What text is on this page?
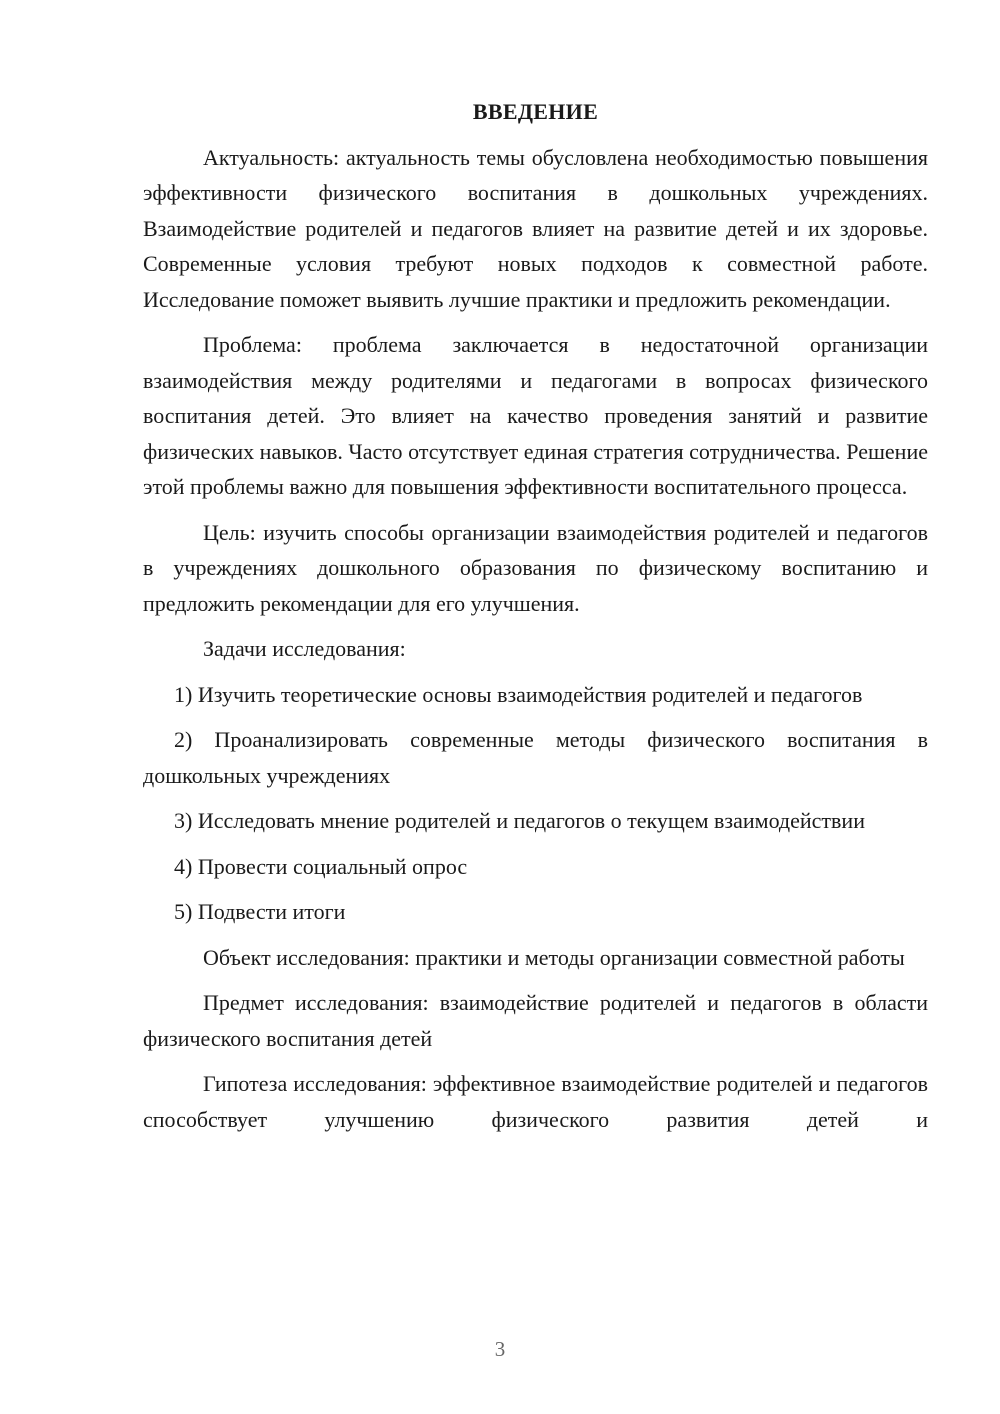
ВВЕДЕНИЕ

Актуальность: актуальность темы обусловлена необходимостью повышения эффективности физического воспитания в дошкольных учреждениях. Взаимодействие родителей и педагогов влияет на развитие детей и их здоровье. Современные условия требуют новых подходов к совместной работе. Исследование поможет выявить лучшие практики и предложить рекомендации.

Проблема: проблема заключается в недостаточной организации взаимодействия между родителями и педагогами в вопросах физического воспитания детей. Это влияет на качество проведения занятий и развитие физических навыков. Часто отсутствует единая стратегия сотрудничества. Решение этой проблемы важно для повышения эффективности воспитательного процесса.

Цель: изучить способы организации взаимодействия родителей и педагогов в учреждениях дошкольного образования по физическому воспитанию и предложить рекомендации для его улучшения.

Задачи исследования:

1) Изучить теоретические основы взаимодействия родителей и педагогов

2) Проанализировать современные методы физического воспитания в дошкольных учреждениях

3) Исследовать мнение родителей и педагогов о текущем взаимодействии

4) Провести социальный опрос

5) Подвести итоги

Объект исследования: практики и методы организации совместной работы

Предмет исследования: взаимодействие родителей и педагогов в области физического воспитания детей

Гипотеза исследования: эффективное взаимодействие родителей и педагогов способствует улучшению физического развития детей и

3
